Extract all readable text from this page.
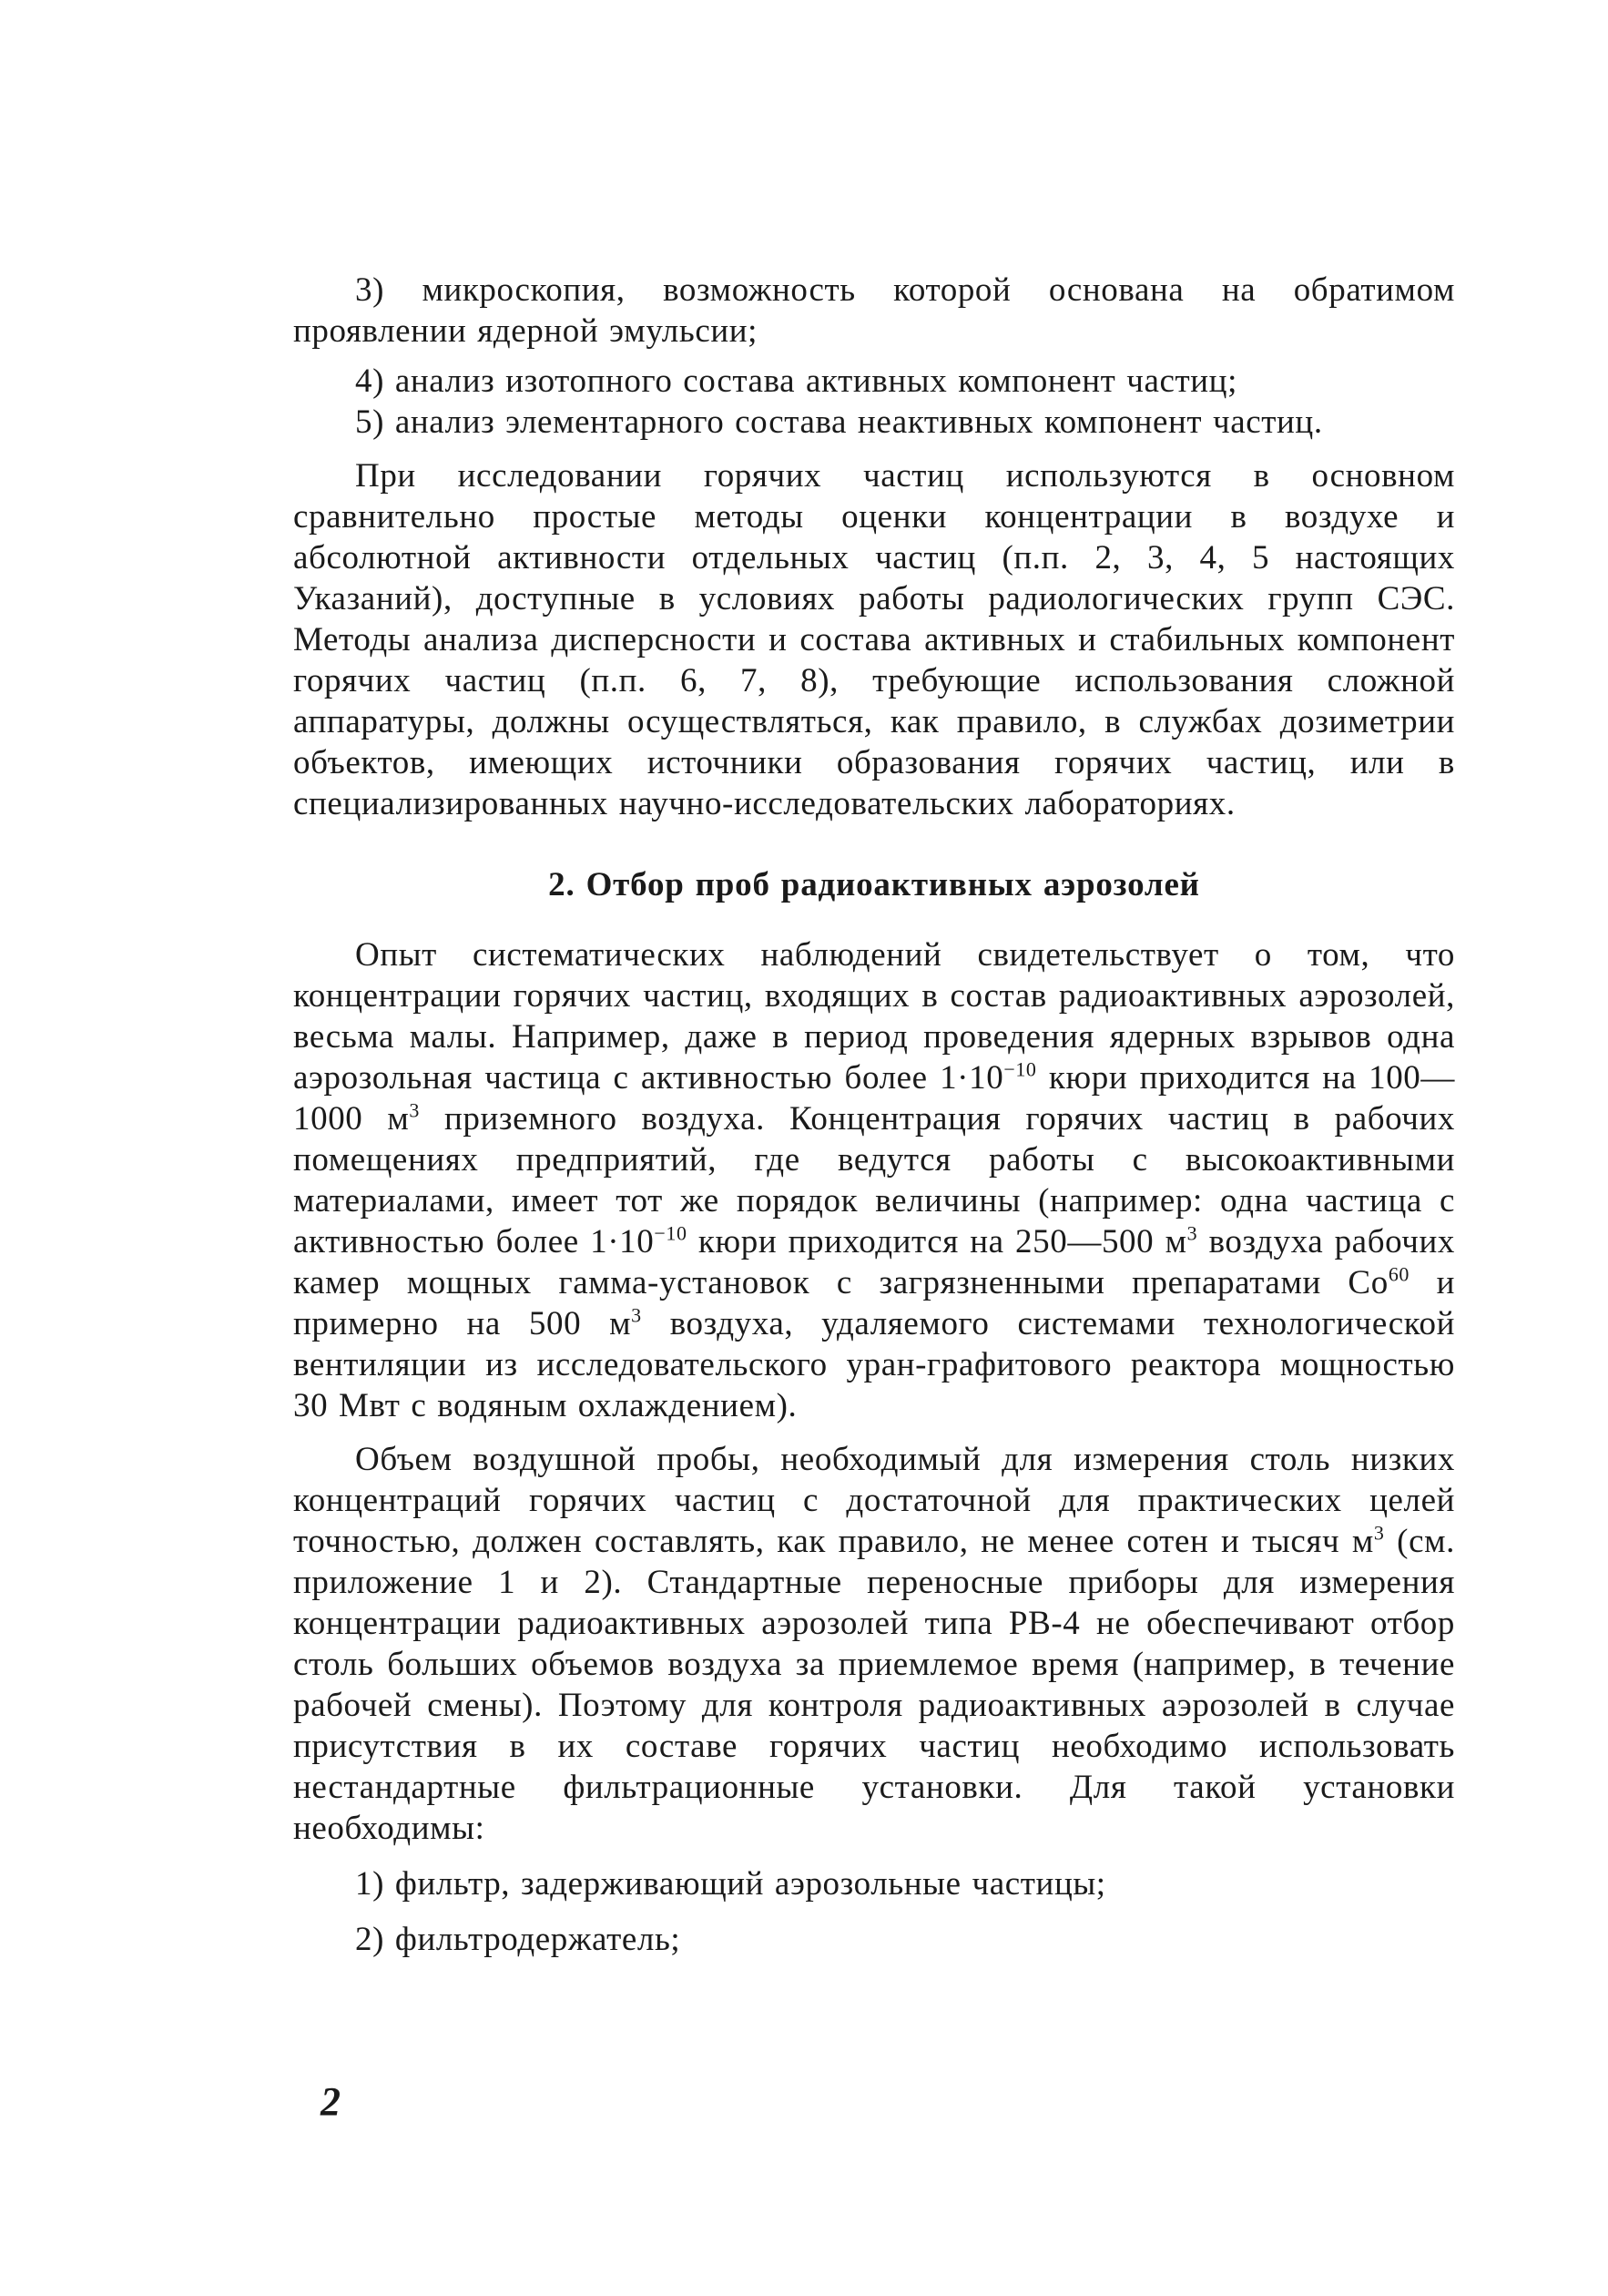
3) микроскопия, возможность которой основана на обратимом проявлении ядерной эмульсии;
4) анализ изотопного состава активных компонент частиц;
5) анализ элементарного состава неактивных компонент частиц.

При исследовании горячих частиц используются в основном сравнительно простые методы оценки концентрации в воздухе и абсолютной активности отдельных частиц (п.п. 2, 3, 4, 5 настоящих Указаний), доступные в условиях работы радиологических групп СЭС. Методы анализа дисперсности и состава активных и стабильных компонент горячих частиц (п.п. 6, 7, 8), требующие использования сложной аппаратуры, должны осуществляться, как правило, в службах дозиметрии объектов, имеющих источники образования горячих частиц, или в специализированных научно-исследовательских лабораториях.

2. Отбор проб радиоактивных аэрозолей

Опыт систематических наблюдений свидетельствует о том, что концентрации горячих частиц, входящих в состав радиоактивных аэрозолей, весьма малы. Например, даже в период проведения ядерных взрывов одна аэрозольная частица с активностью более $1\cdot 10^{-10}$ кюри приходится на 100—1000 $м^3$ приземного воздуха. Концентрация горячих частиц в рабочих помещениях предприятий, где ведутся работы с высокоактивными материалами, имеет тот же порядок величины (например: одна частица с активностью более $1\cdot 10^{-10}$ кюри приходится на 250—500 $м^3$ воздуха рабочих камер мощных гамма-установок с загрязненными препаратами Co$^{60}$ и примерно на 500 $м^3$ воздуха, удаляемого системами технологической вентиляции из исследовательского уран-графитового реактора мощностью 30 Мвт с водяным охлаждением).

Объем воздушной пробы, необходимый для измерения столь низких концентраций горячих частиц с достаточной для практических целей точностью, должен составлять, как правило, не менее сотен и тысяч $м^3$ (см. приложение 1 и 2). Стандартные переносные приборы для измерения концентрации радиоактивных аэрозолей типа РВ-4 не обеспечивают отбор столь больших объемов воздуха за приемлемое время (например, в течение рабочей смены). Поэтому для контроля радиоактивных аэрозолей в случае присутствия в их составе горячих частиц необходимо использовать нестандартные фильтрационные установки. Для такой установки необходимы:

1) фильтр, задерживающий аэрозольные частицы;
2) фильтродержатель;
2
